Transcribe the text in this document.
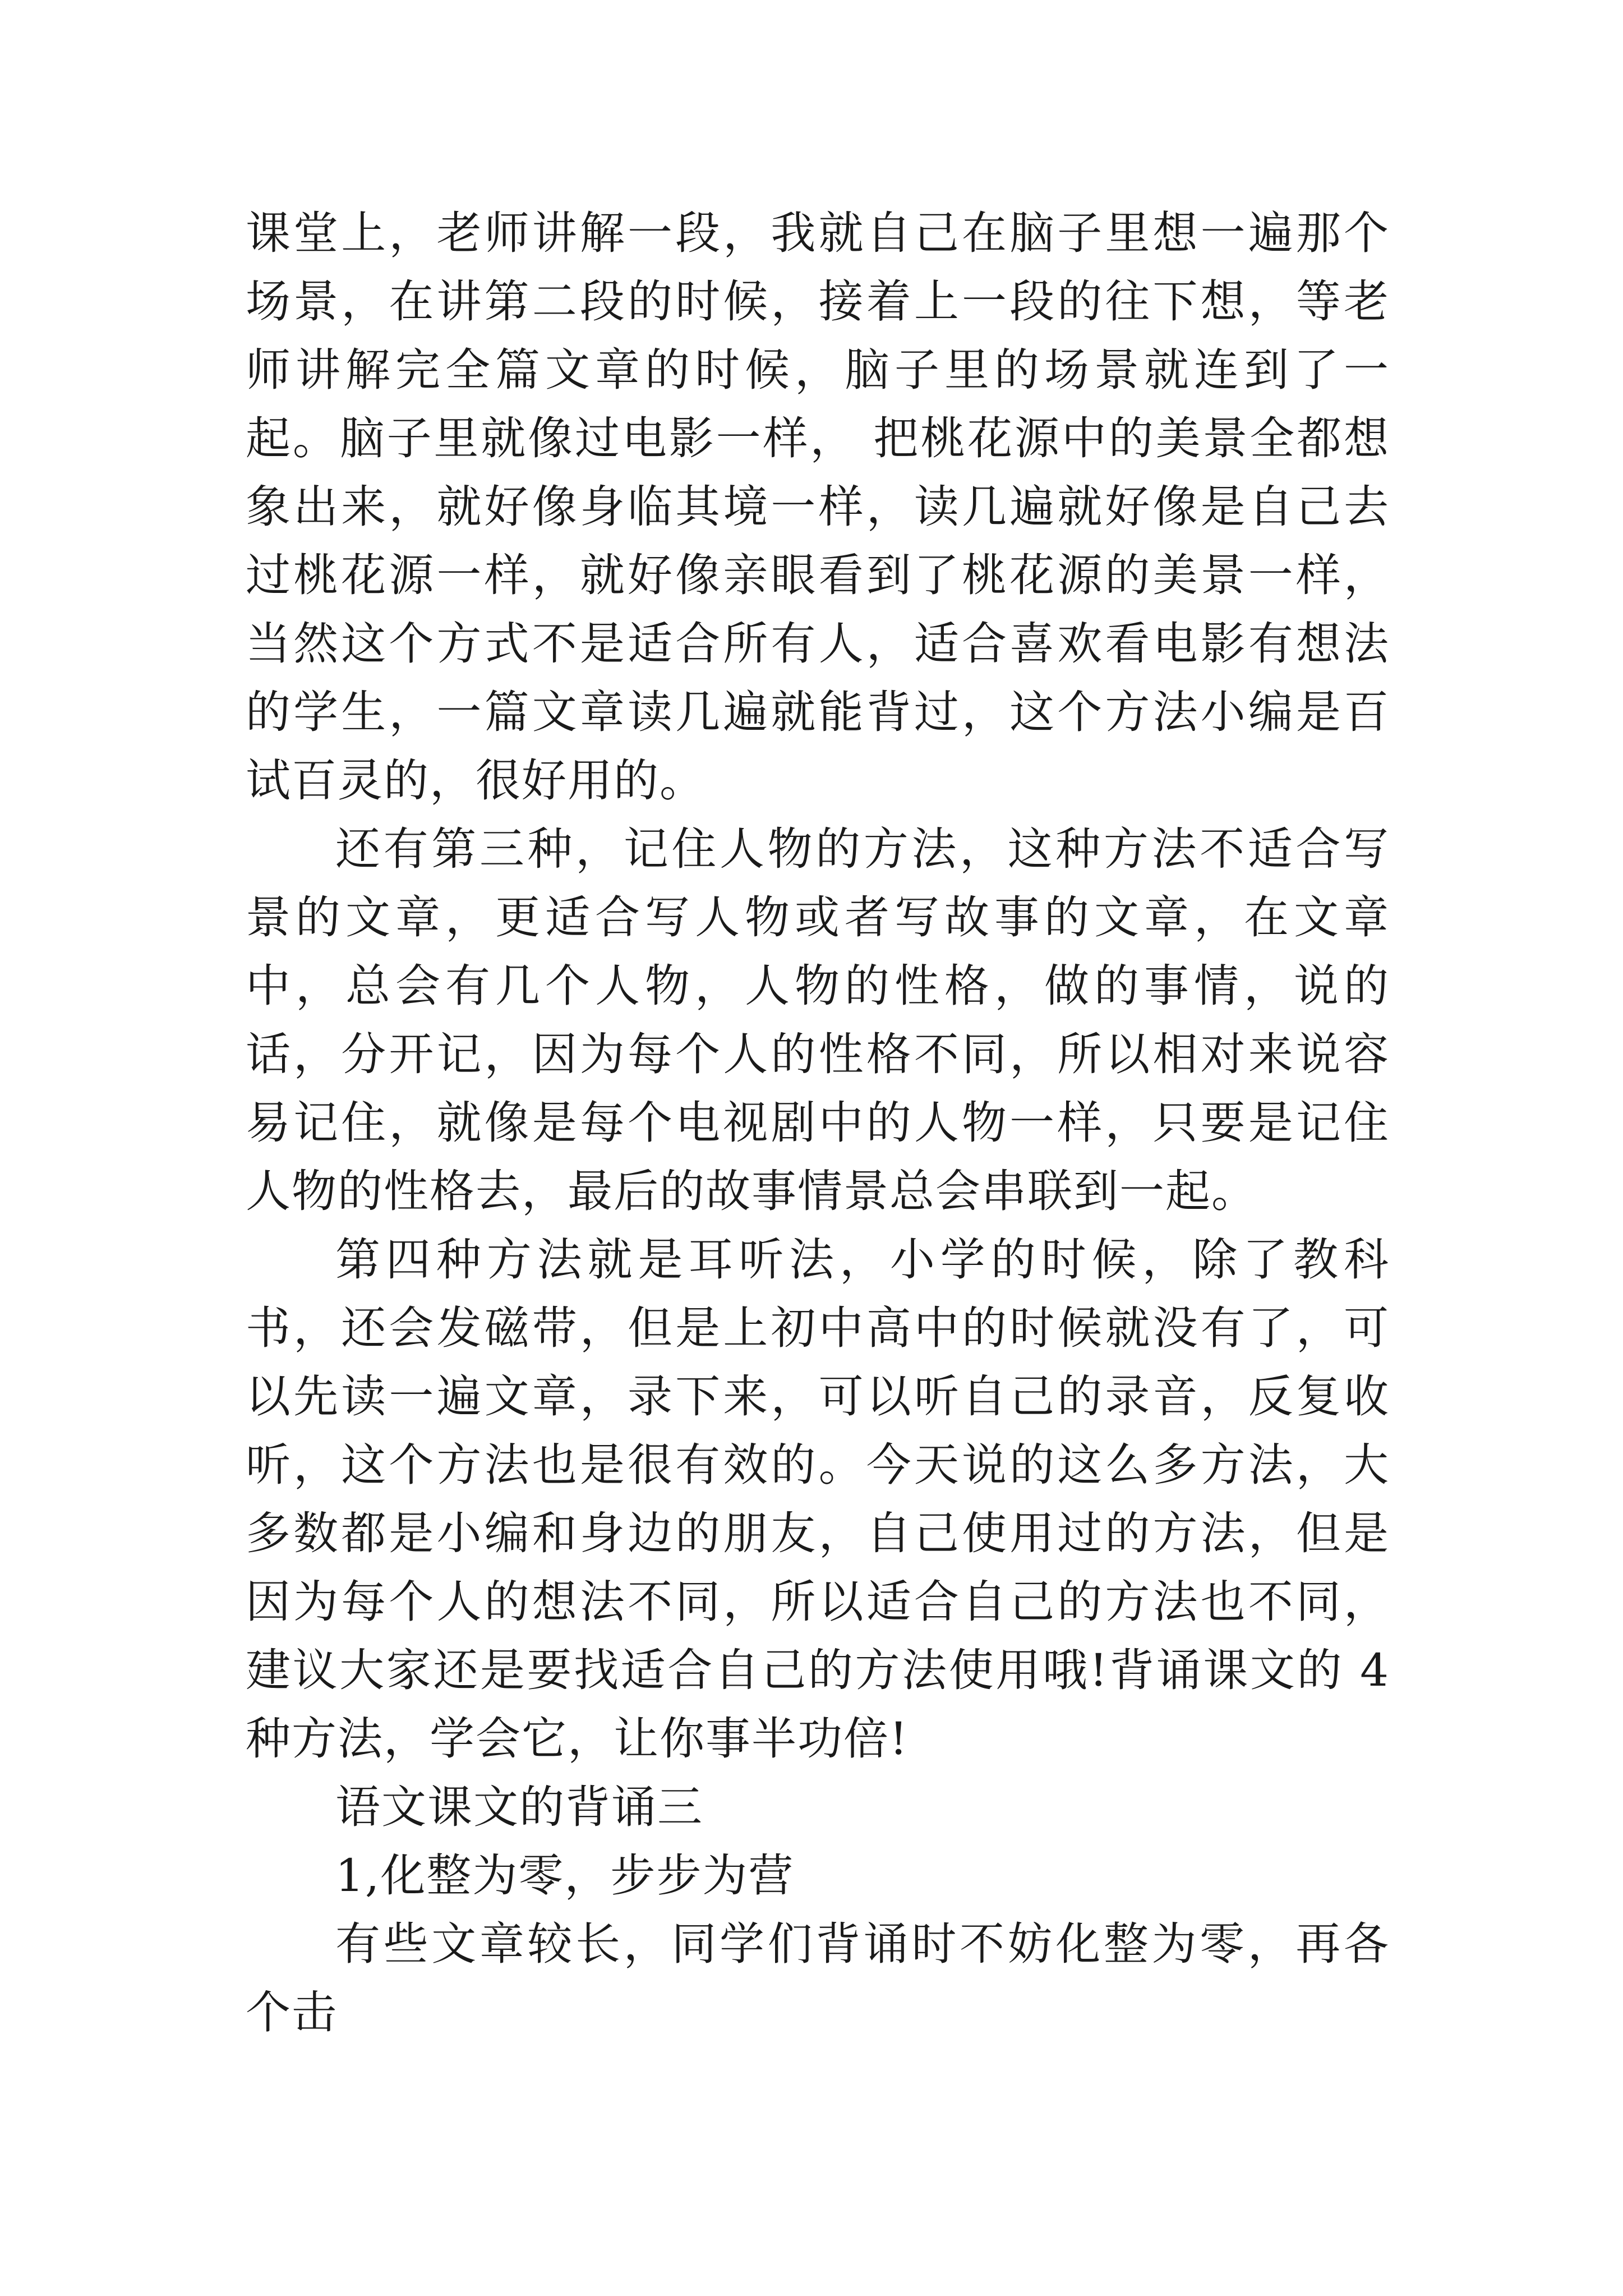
课堂上，老师讲解一段，我就自己在脑子里想一遍那个场景，在讲第二段的时候，接着上一段的往下想，等老师讲解完全篇文章的时候，脑子里的场景就连到了一起。脑子里就像过电影一样， 把桃花源中的美景全都想象出来，就好像身临其境一样，读几遍就好像是自己去过桃花源一样，就好像亲眼看到了桃花源的美景一样，当然这个方式不是适合所有人，适合喜欢看电影有想法的学生，一篇文章读几遍就能背过，这个方法小编是百试百灵的，很好用的。

还有第三种，记住人物的方法，这种方法不适合写景的文章，更适合写人物或者写故事的文章，在文章中，总会有几个人物，人物的性格，做的事情，说的话，分开记，因为每个人的性格不同，所以相对来说容易记住，就像是每个电视剧中的人物一样，只要是记住人物的性格去，最后的故事情景总会串联到一起。

第四种方法就是耳听法，小学的时候，除了教科书，还会发磁带，但是上初中高中的时候就没有了，可以先读一遍文章，录下来，可以听自己的录音，反复收听，这个方法也是很有效的。今天说的这么多方法，大多数都是小编和身边的朋友，自己使用过的方法，但是因为每个人的想法不同，所以适合自己的方法也不同，建议大家还是要找适合自己的方法使用哦!背诵课文的 4 种方法，学会它，让你事半功倍!

语文课文的背诵三

1,化整为零，步步为营

有些文章较长，同学们背诵时不妨化整为零，再各个击
